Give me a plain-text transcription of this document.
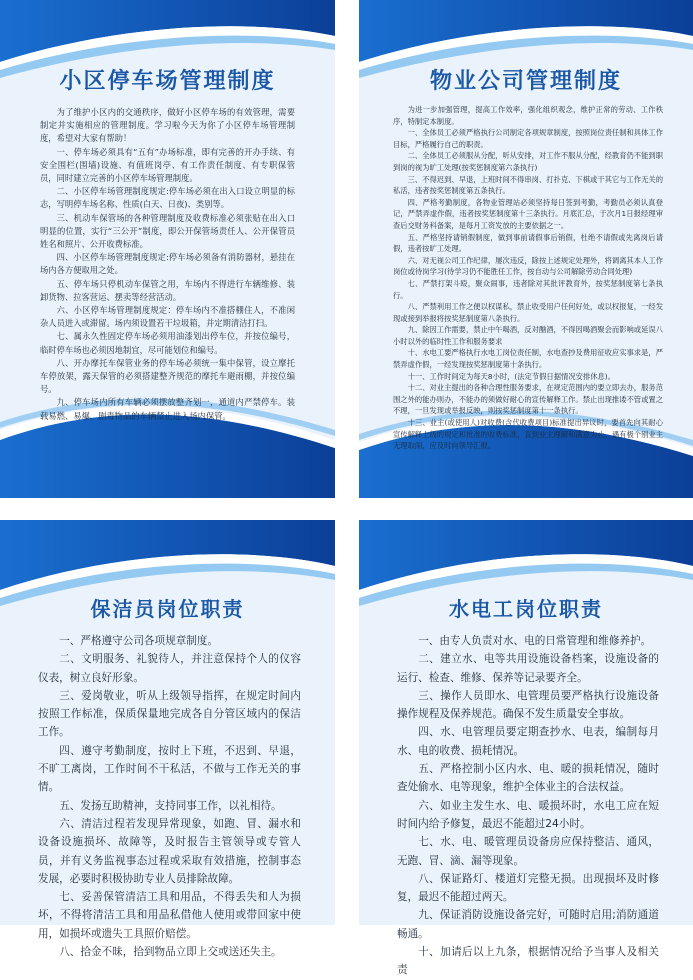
小区停车场管理制度

为了维护小区内的交通秩序，做好小区停车场的有效管理，需要制定并实施相应的管理制度。学习啦今天为你了小区停车场管理制度，希望对大家有帮助！

一、停车场必须具有“五有”办场标准，即有完善的开办手续、有安全围栏(围墙)设施、有值班岗亭、有工作责任制度、有专职保管员，同时建立完善的小区停车场管理制度。

二、小区停车场管理制度规定:停车场必须在出入口设立明显的标志，写明停车场名称、性质(白天、日夜)、类别等。

三、机动车保管场的各种管理制度及收费标准必须张贴在出入口明显的位置，实行“三公开”制度，即公开保管场责任人、公开保管员姓名和照片、公开收费标准。

四、小区停车场管理制度规定:停车场必须备有消防器材，悬挂在场内各方便取用之处。

五、停车场只停机动车保管之用，车场内不得进行车辆维修、装卸货物、拉客营运、摆卖等经营活动。

六、小区停车场管理制度规定：停车场内不准搭棚住人，不准闲杂人员进入或滞留。场内须设置若干垃圾箱，并定期清洁打扫。

七、属永久性固定停车场必须用油漆划出停车位，并按位编号，临时停车场也必须因地制宜，尽可能划位和编号。

八、开办摩托车保管业务的停车场必须统一集中保管，设立摩托车停放架，露天保管的必须搭建整齐规范的摩托车避雨棚，并按位编号。

九、停车场内所有车辆必须摆放整齐划一，通道内严禁停车。装载易燃、易爆、剧毒物品的车辆禁止进入场内保管。

物业公司管理制度

为进一步加强管理，提高工作效率，强化组织观念，维护正常的劳动、工作秩序，特制定本制度。

一、全体员工必须严格执行公司制定各项规章制度，按照岗位责任制和具体工作目标，严格履行自己的职责。

二、全体员工必须服从分配，听从安排，对工作不服从分配，经教育仍不能到职到岗的视为旷工处理(按奖惩制度第六条执行)

三、不得迟到、早退，上班时间不得串岗、打扑克、下棋或干其它与工作无关的私活，违者按奖惩制度第五条执行。

四、严格考勤制度，各物业管理站必须坚持每日签到考勤，考勤员必须认真登记，严禁弄虚作假，违者按奖惩制度第十三条执行。月底汇总，于次月1日报经理审查后交财务科备案，是每月工资发放的主要依据之一。

五、严格坚持请销假制度，做到事前请假事后销假，杜绝不请假或先离岗后请假，违者按旷工处理。

六、对无视公司工作纪律，屡次违反，除按上述规定处理外，将调离其本人工作岗位或待岗学习(待学习仍不能胜任工作，按自动与公司解除劳动合同处理)

七、严禁打架斗殴，聚众闹事，违者除对其批评教育外，按奖惩制度第七条执行。

八、严禁利用工作之便以权谋私，禁止收受用户任何好处，或以权报复，一经发现或接到举报将按奖惩制度第八条执行。

九、除因工作需要，禁止中午喝酒，反对酗酒，不得因喝酒聚会而影响或延误八小时以外的临时性工作和服务要求

十、水电工要严格执行水电工岗位责任制，水电查抄及费用征收应实事求是，严禁弄虚作假，一经发现按奖惩制度第十条执行。

十一、工作时间定为每天8小时，(法定节假日据情况安排休息)。

十二、对业主提出的各种合理性服务要求，在规定范围内的要立即去办，服务范围之外的能办则办，不能办的须做好耐心的宣传解释工作。禁止出现推诿不管或置之不理，一旦发现或举报反映，则按奖惩制度第十一条执行。

十三、业主(或使用人)对收费(含代收费项目)标准提出异议时，要首先向其耐心宣传解释上级的规定和批准的收费标准，直到业主理解和满意为止，遇有极个别业主无理取闹，应及时向领导汇报。

保洁员岗位职责

一、严格遵守公司各项规章制度。

二、文明服务、礼貌待人，并注意保持个人的仪容仪表，树立良好形象。

三、爱岗敬业，听从上级领导指挥，在规定时间内按照工作标准，保质保量地完成各自分管区域内的保洁工作。

四、遵守考勤制度，按时上下班，不迟到、早退，不旷工离岗，工作时间不干私活，不做与工作无关的事情。

五、发扬互助精神，支持同事工作，以礼相待。

六、清洁过程若发现异常现象，如跑、冒、漏水和设备设施损坏、故障等，及时报告主管领导或专管人员，并有义务监视事态过程或采取有效措施，控制事态发展，必要时积极协助专业人员排除故障。

七、妥善保管清洁工具和用品，不得丢失和人为损坏，不得将清洁工具和用品私借他人使用或带回家中使用，如损坏或遗失工具照价赔偿。

八、拾金不昧，拾到物品立即上交或送还失主。

水电工岗位职责

一、由专人负责对水、电的日常管理和维修养护。

二、建立水、电等共用设施设备档案，设施设备的运行、检查、维修、保养等记录要齐全。

三、操作人员即水、电管理员要严格执行设施设备操作规程及保养规范。确保不发生质量安全事故。

四、水、电管理员要定期查抄水、电表，编制每月水、电的收费、损耗情况。

五、严格控制小区内水、电、暖的损耗情况，随时查处偷水、电等现象，维护全体业主的合法权益。

六、如业主发生水、电、暖损坏时，水电工应在短时间内给予修复，最迟不能超过24小时。

七、水、电、暖管理员设备房应保持整洁、通风，无跑、冒、滴、漏等现象。

八、保证路灯、楼道灯完整无损。出现损坏及时修复，最迟不能超过两天。

九、保证消防设施设备完好，可随时启用;消防通道畅通。

十、加请后以上九条，根据情况给予当事人及相关责
